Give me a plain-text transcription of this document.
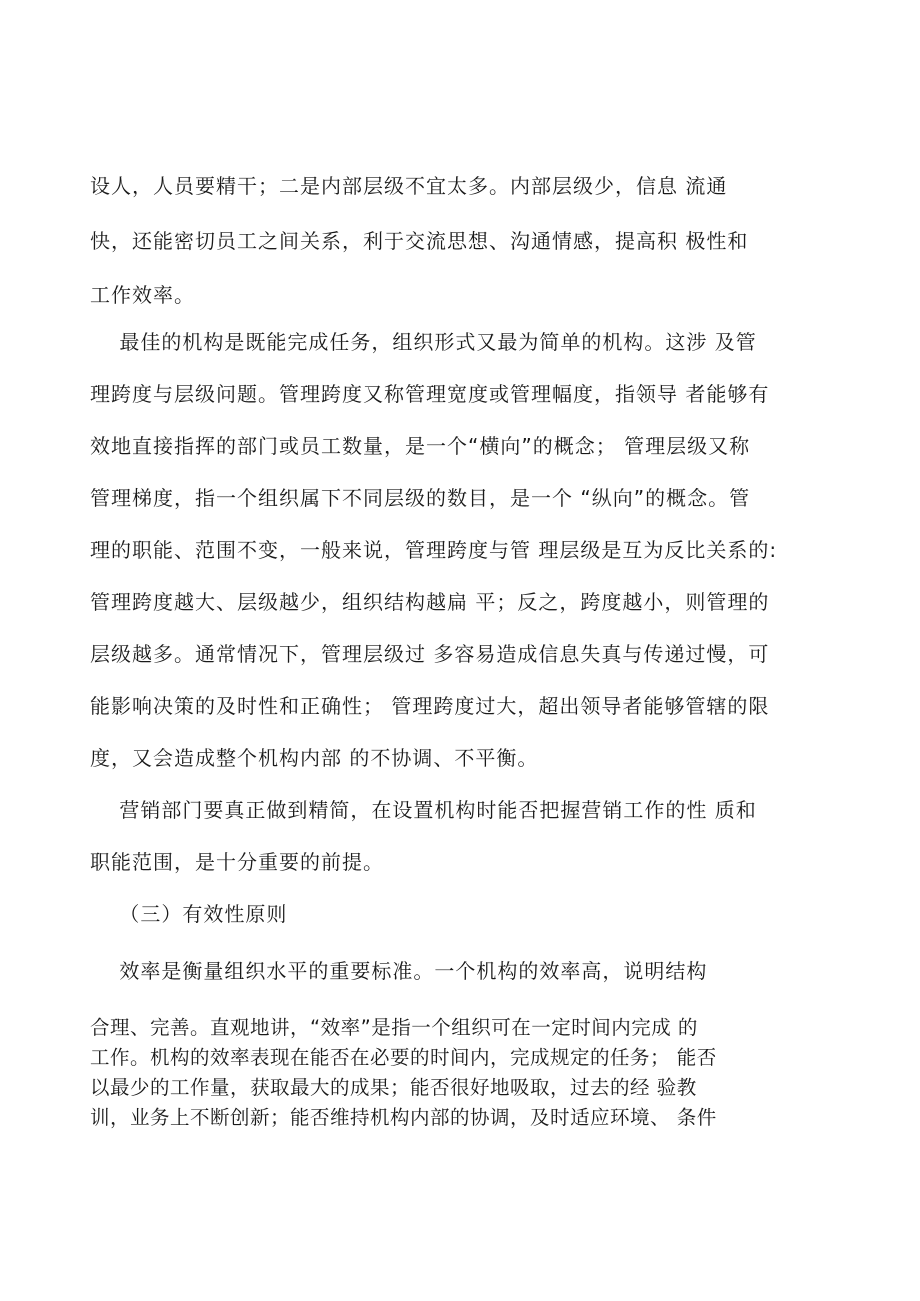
设人，人员要精干；二是内部层级不宜太多。内部层级少，信息 流通
快，还能密切员工之间关系，利于交流思想、沟通情感，提高积 极性和
工作效率。
最佳的机构是既能完成任务，组织形式又最为简单的机构。这涉 及管
理跨度与层级问题。管理跨度又称管理宽度或管理幅度，指领导 者能够有
效地直接指挥的部门或员工数量，是一个“横向”的概念； 管理层级又称
管理梯度，指一个组织属下不同层级的数目，是一个 “纵向”的概念。管
理的职能、范围不变，一般来说，管理跨度与管 理层级是互为反比关系的:
管理跨度越大、层级越少，组织结构越扁 平；反之，跨度越小，则管理的
层级越多。通常情况下，管理层级过 多容易造成信息失真与传递过慢，可
能影响决策的及时性和正确性； 管理跨度过大，超出领导者能够管辖的限
度，又会造成整个机构内部 的不协调、不平衡。
营销部门要真正做到精简，在设置机构时能否把握营销工作的性 质和
职能范围，是十分重要的前提。
（三）有效性原则
效率是衡量组织水平的重要标准。一个机构的效率高，说明结构
合理、完善。直观地讲，“效率”是指一个组织可在一定时间内完成 的
工作。机构的效率表现在能否在必要的时间内，完成规定的任务； 能否
以最少的工作量，获取最大的成果；能否很好地吸取，过去的经 验教
训，业务上不断创新；能否维持机构内部的协调，及时适应环境、 条件
